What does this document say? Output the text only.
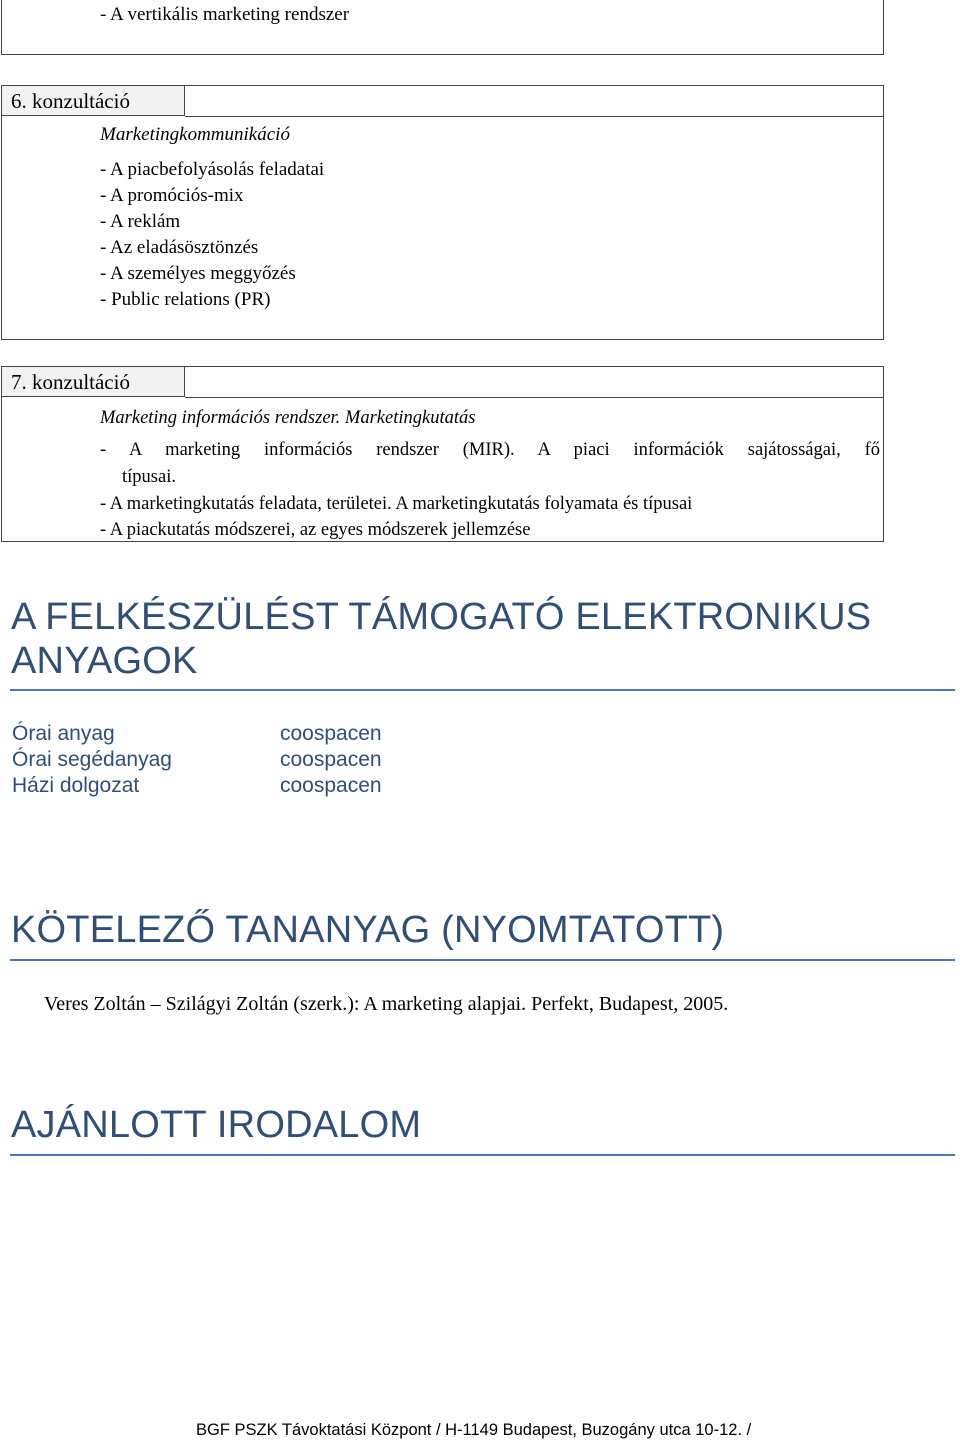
- A vertikális marketing rendszer
6. konzultáció
Marketingkommunikáció
- A piacbefolyásolás feladatai
- A promóciós-mix
- A reklám
- Az eladásösztönzés
- A személyes meggyőzés
- Public relations (PR)
7. konzultáció
Marketing információs rendszer. Marketingkutatás
- A marketing információs rendszer (MIR). A piaci információk sajátosságai, fő
típusai.
- A marketingkutatás feladata, területei. A marketingkutatás folyamata és típusai
- A piackutatás módszerei, az egyes módszerek jellemzése
A FELKÉSZÜLÉST TÁMOGATÓ ELEKTRONIKUS
ANYAGOK
Órai anyag	coospacen
Órai segédanyag	coospacen
Házi dolgozat	coospacen
KÖTELEZŐ TANANYAG (NYOMTATOTT)
Veres Zoltán – Szilágyi Zoltán (szerk.): A marketing alapjai. Perfekt, Budapest, 2005.
AJÁNLOTT IRODALOM
BGF PSZK Távoktatási Központ / H-1149 Budapest, Buzogány utca 10-12. /
